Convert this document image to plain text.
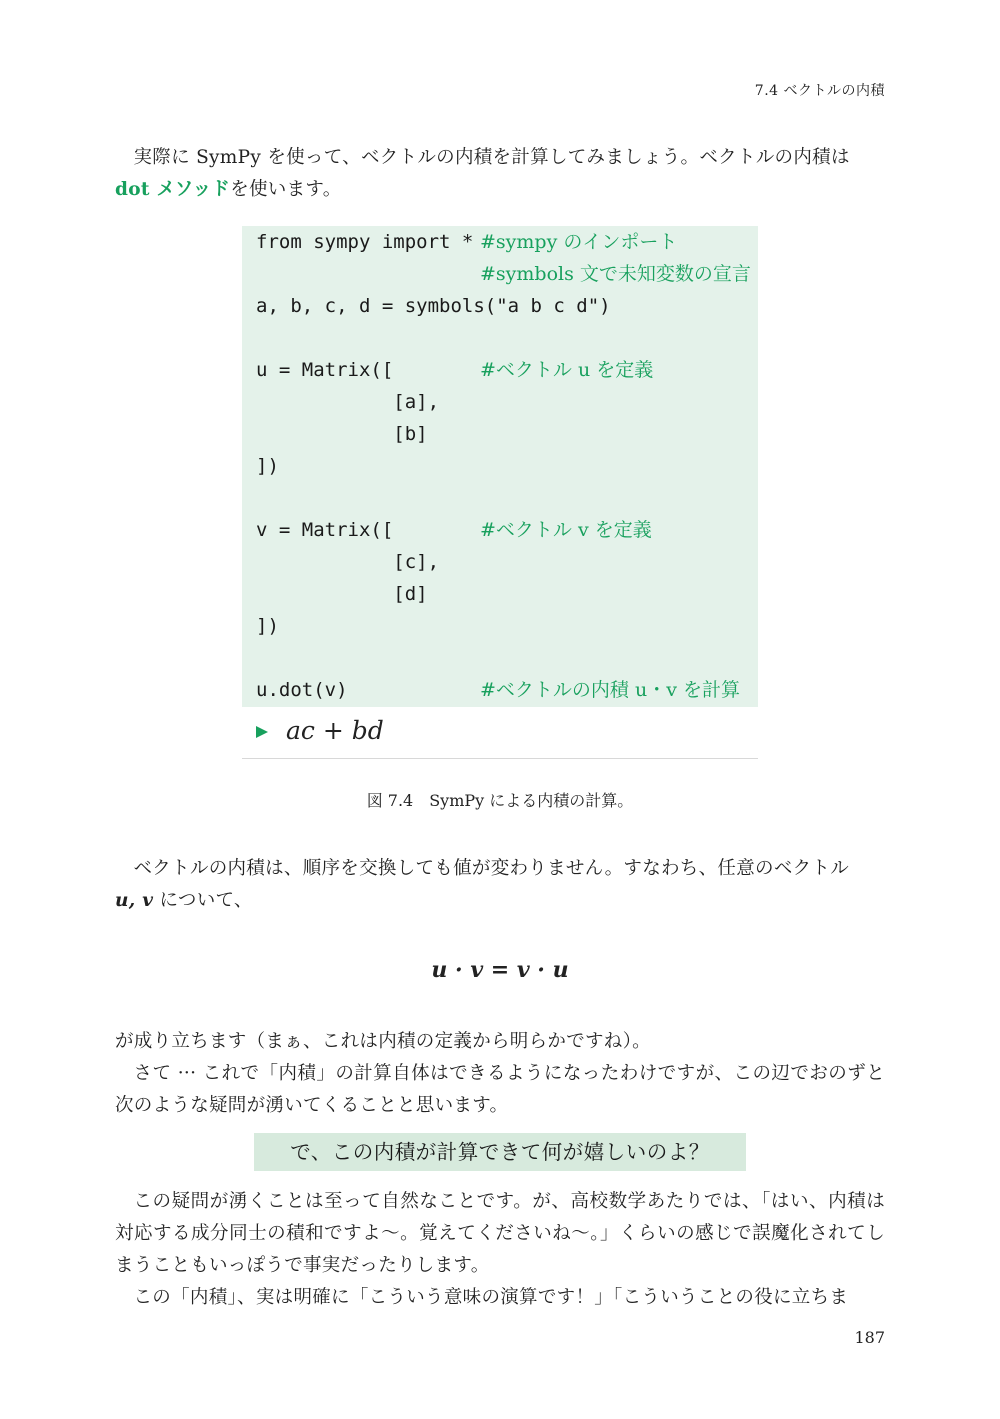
7.4 ベクトルの内積
実際に SymPy を使って、ベクトルの内積を計算してみましょう。ベクトルの内積は
dot メソッドを使います。
from sympy import * #sympy のインポート
#symbols 文で未知変数の宣言
a, b, c, d = symbols("a b c d")
u = Matrix([	#ベクトル u を定義
[a],
[b]
])
v = Matrix([	#ベクトル v を定義
[c],
[d]
])
u.dot(v)	#ベクトルの内積 u・v を計算
ac + bd
図 7.4　SymPy による内積の計算。
ベクトルの内積は、順序を交換しても値が変わりません。すなわち、任意のベクトル
u, v について、
u · v = v · u
が成り立ちます（まぁ、これは内積の定義から明らかですね）。
さて ··· これで「内積」の計算自体はできるようになったわけですが、この辺でおのずと次のような疑問が湧いてくることと思います。
で、この内積が計算できて何が嬉しいのよ？
この疑問が湧くことは至って自然なことです。が、高校数学あたりでは、「はい、内積は対応する成分同士の積和ですよ〜。覚えてくださいね〜。」くらいの感じで誤魔化されてしまうこともいっぽうで事実だったりします。
この「内積」、実は明確に「こういう意味の演算です！」「こういうことの役に立ちま
187
